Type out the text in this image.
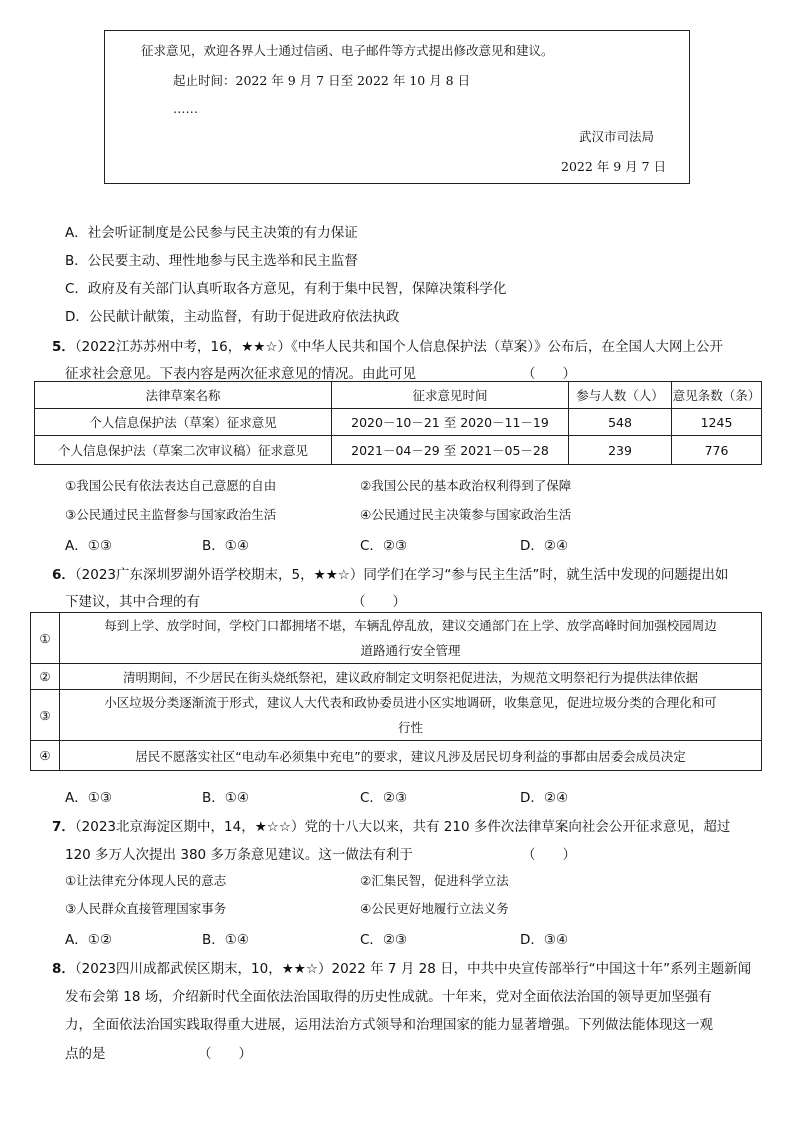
征求意见，欢迎各界人士通过信函、电子邮件等方式提出修改意见和建议。
起止时间：2022 年 9 月 7 日至 2022 年 10 月 8 日
……
武汉市司法局
2022 年 9 月 7 日
A．社会听证制度是公民参与民主决策的有力保证
B．公民要主动、理性地参与民主选举和民主监督
C．政府及有关部门认真听取各方意见，有利于集中民智，保障决策科学化
D．公民献计献策，主动监督，有助于促进政府依法执政
5．（2022江苏苏州中考，16，★★☆）《中华人民共和国个人信息保护法（草案）》公布后，在全国人大网上公开
征求社会意见。下表内容是两次征求意见的情况。由此可见	（　　）
法律草案名称	征求意见时间	参与人数（人）	意见条数（条）
个人信息保护法（草案）征求意见	2020－10－21 至 2020－11－19	548	1245
个人信息保护法（草案二次审议稿）征求意见	2021－04－29 至 2021－05－28	239	776
①我国公民有依法表达自己意愿的自由	②我国公民的基本政治权利得到了保障
③公民通过民主监督参与国家政治生活	④公民通过民主决策参与国家政治生活
A．①③	B．①④	C．②③	D．②④
6．（2023广东深圳罗湖外语学校期末，5，★★☆）同学们在学习“参与民主生活”时，就生活中发现的问题提出如
下建议，其中合理的有	（　　）
①	每到上学、放学时间，学校门口都拥堵不堪，车辆乱停乱放，建议交通部门在上学、放学高峰时间加强校园周边
道路通行安全管理
②	清明期间，不少居民在街头烧纸祭祀，建议政府制定文明祭祀促进法，为规范文明祭祀行为提供法律依据
③	小区垃圾分类逐渐流于形式，建议人大代表和政协委员进小区实地调研，收集意见，促进垃圾分类的合理化和可
行性
④	居民不愿落实社区“电动车必须集中充电”的要求，建议凡涉及居民切身利益的事都由居委会成员决定
A．①③	B．①④	C．②③	D．②④
7．（2023北京海淀区期中，14，★☆☆）党的十八大以来，共有 210 多件次法律草案向社会公开征求意见，超过
120 多万人次提出 380 多万条意见建议。这一做法有利于	（　　）
①让法律充分体现人民的意志	②汇集民智，促进科学立法
③人民群众直接管理国家事务	④公民更好地履行立法义务
A．①②	B．①④	C．②③	D．③④
8．（2023四川成都武侯区期末，10，★★☆）2022 年 7 月 28 日，中共中央宣传部举行“中国这十年”系列主题新闻
发布会第 18 场，介绍新时代全面依法治国取得的历史性成就。十年来，党对全面依法治国的领导更加坚强有
力，全面依法治国实践取得重大进展，运用法治方式领导和治理国家的能力显著增强。下列做法能体现这一观
点的是	（　　）
